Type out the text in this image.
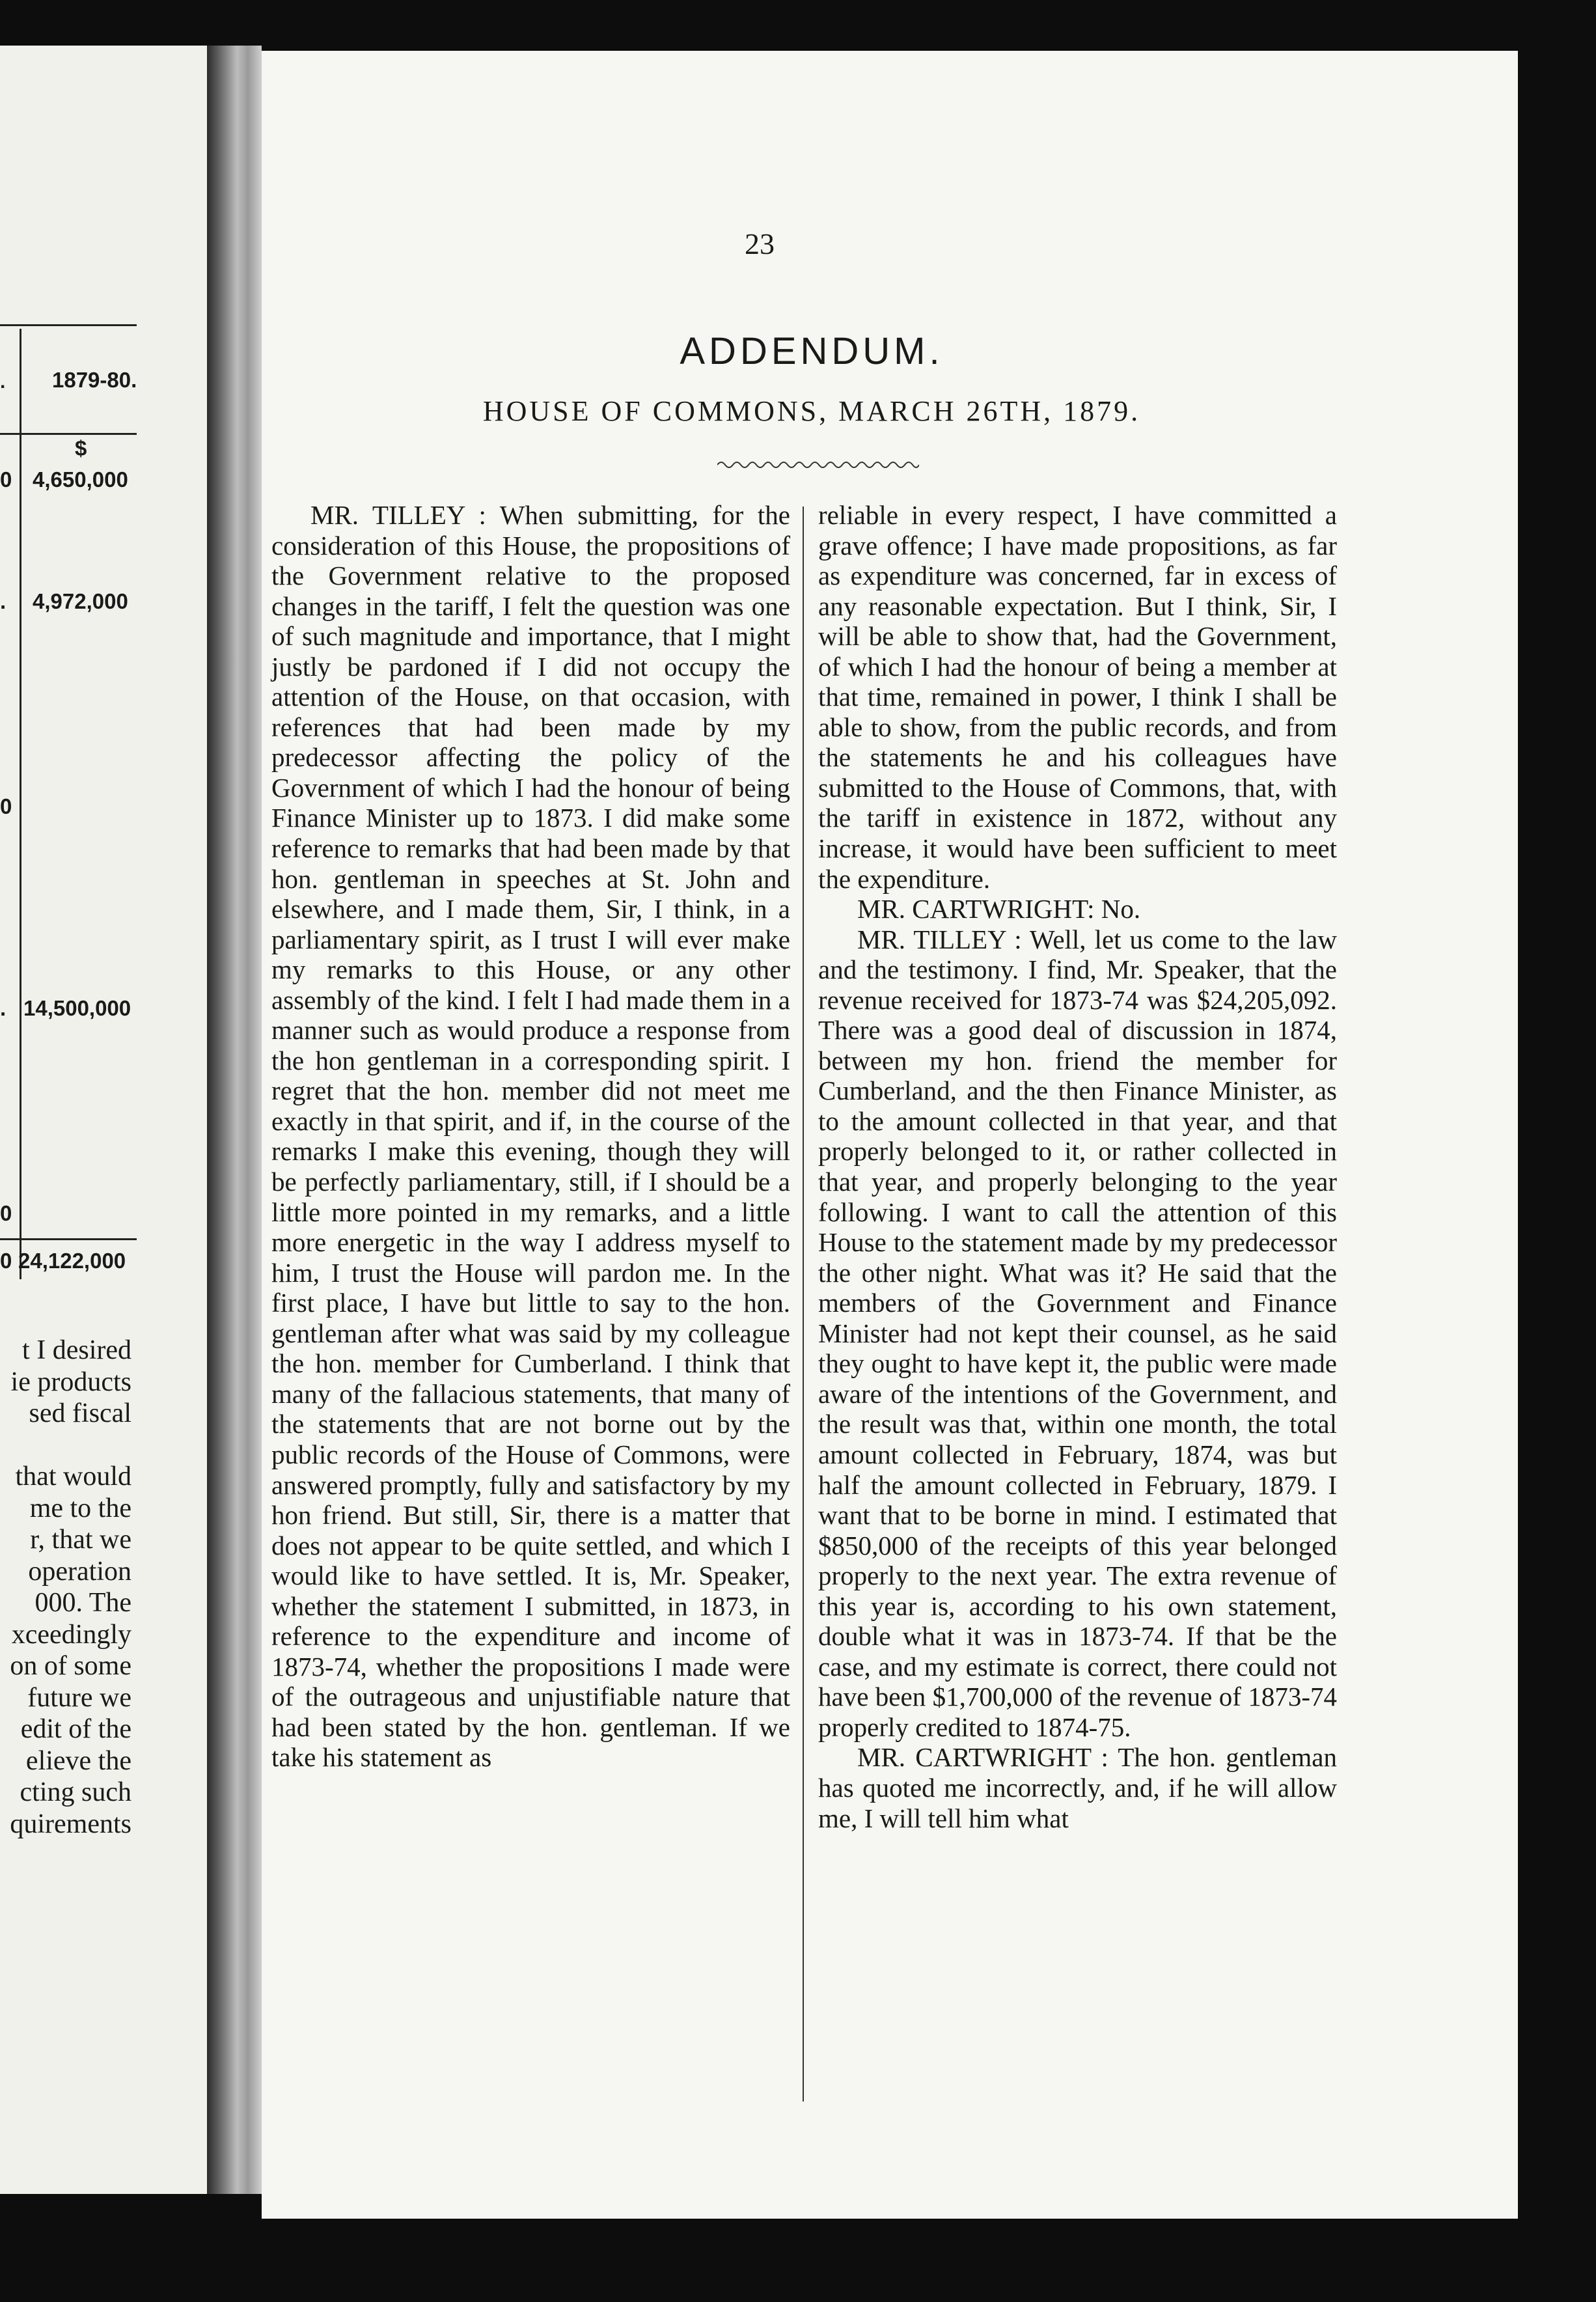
. 1879-80.
$
0 4,650,000
. 4,972,000
0
. 14,500,000
0
0 24,122,000
t I desired
ie products
sed fiscal
that would
me to the
r, that we
operation
000. The
xceedingly
on of some
future we
edit of the
elieve the
cting such
quirements
23
ADDENDUM.
HOUSE OF COMMONS, MARCH 26TH, 1879.

MR. TILLEY : When submitting, for the consideration of this House, the propositions of the Government relative to the proposed changes in the tariff, I felt the question was one of such magnitude and importance, that I might justly be pardoned if I did not occupy the attention of the House, on that occasion, with references that had been made by my predecessor affecting the policy of the Government of which I had the honour of being Finance Minister up to 1873. I did make some reference to remarks that had been made by that hon. gentleman in speeches at St. John and elsewhere, and I made them, Sir, I think, in a parliamentary spirit, as I trust I will ever make my remarks to this House, or any other assembly of the kind. I felt I had made them in a manner such as would produce a response from the hon gentleman in a corresponding spirit. I regret that the hon. member did not meet me exactly in that spirit, and if, in the course of the remarks I make this evening, though they will be perfectly parliamentary, still, if I should be a little more pointed in my remarks, and a little more energetic in the way I address myself to him, I trust the House will pardon me. In the first place, I have but little to say to the hon. gentleman after what was said by my colleague the hon. member for Cumberland. I think that many of the fallacious statements, that many of the statements that are not borne out by the public records of the House of Commons, were answered promptly, fully and satisfactory by my hon friend. But still, Sir, there is a matter that does not appear to be quite settled, and which I would like to have settled. It is, Mr. Speaker, whether the statement I submitted, in 1873, in reference to the expenditure and income of 1873-74, whether the propositions I made were of the outrageous and unjustifiable nature that had been stated by the hon. gentleman. If we take his statement as

reliable in every respect, I have committed a grave offence; I have made propositions, as far as expenditure was concerned, far in excess of any reasonable expectation. But I think, Sir, I will be able to show that, had the Government, of which I had the honour of being a member at that time, remained in power, I think I shall be able to show, from the public records, and from the statements he and his colleagues have submitted to the House of Commons, that, with the tariff in existence in 1872, without any increase, it would have been sufficient to meet the expenditure.

MR. CARTWRIGHT: No.

MR. TILLEY : Well, let us come to the law and the testimony. I find, Mr. Speaker, that the revenue received for 1873-74 was $24,205,092. There was a good deal of discussion in 1874, between my hon. friend the member for Cumberland, and the then Finance Minister, as to the amount collected in that year, and that properly belonged to it, or rather collected in that year, and properly belonging to the year following. I want to call the attention of this House to the statement made by my predecessor the other night. What was it? He said that the members of the Government and Finance Minister had not kept their counsel, as he said they ought to have kept it, the public were made aware of the intentions of the Government, and the result was that, within one month, the total amount collected in February, 1874, was but half the amount collected in February, 1879. I want that to be borne in mind. I estimated that $850,000 of the receipts of this year belonged properly to the next year. The extra revenue of this year is, according to his own statement, double what it was in 1873-74. If that be the case, and my estimate is correct, there could not have been $1,700,000 of the revenue of 1873-74 properly credited to 1874-75.

MR. CARTWRIGHT : The hon. gentleman has quoted me incorrectly, and, if he will allow me, I will tell him what
